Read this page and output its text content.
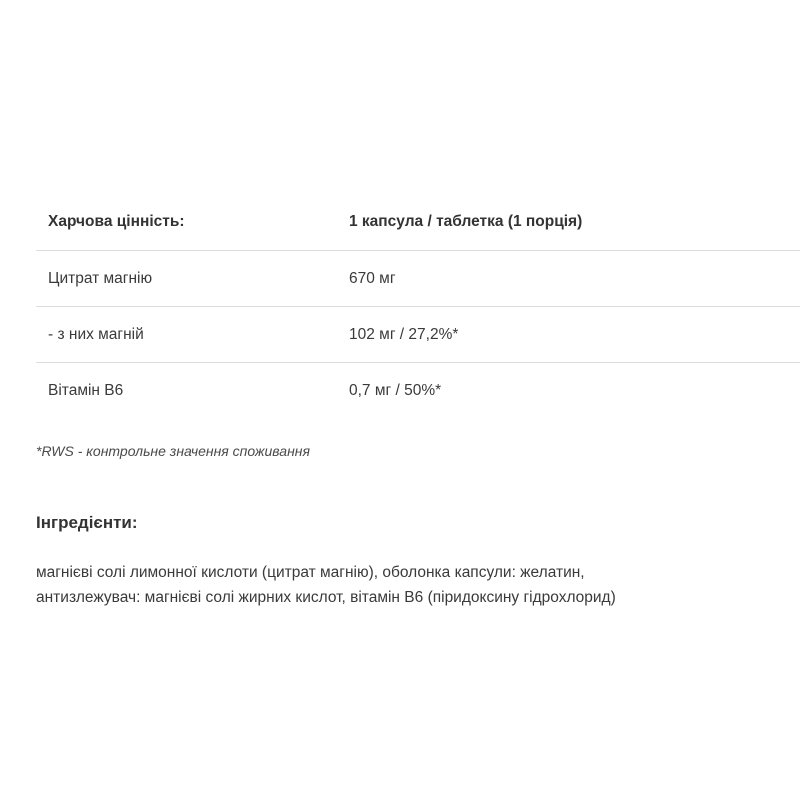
Харчова цінність:	1 капсула / таблетка (1 порція)
Цитрат магнію	670 мг
- з них магній	102 мг / 27,2%*
Вітамін B6	0,7 мг / 50%*
*RWS - контрольне значення споживання
Інгредієнти:
магнієві солі лимонної кислоти (цитрат магнію), оболонка капсули: желатин,
антизлежувач: магнієві солі жирних кислот, вітамін B6 (піридоксину гідрохлорид)
